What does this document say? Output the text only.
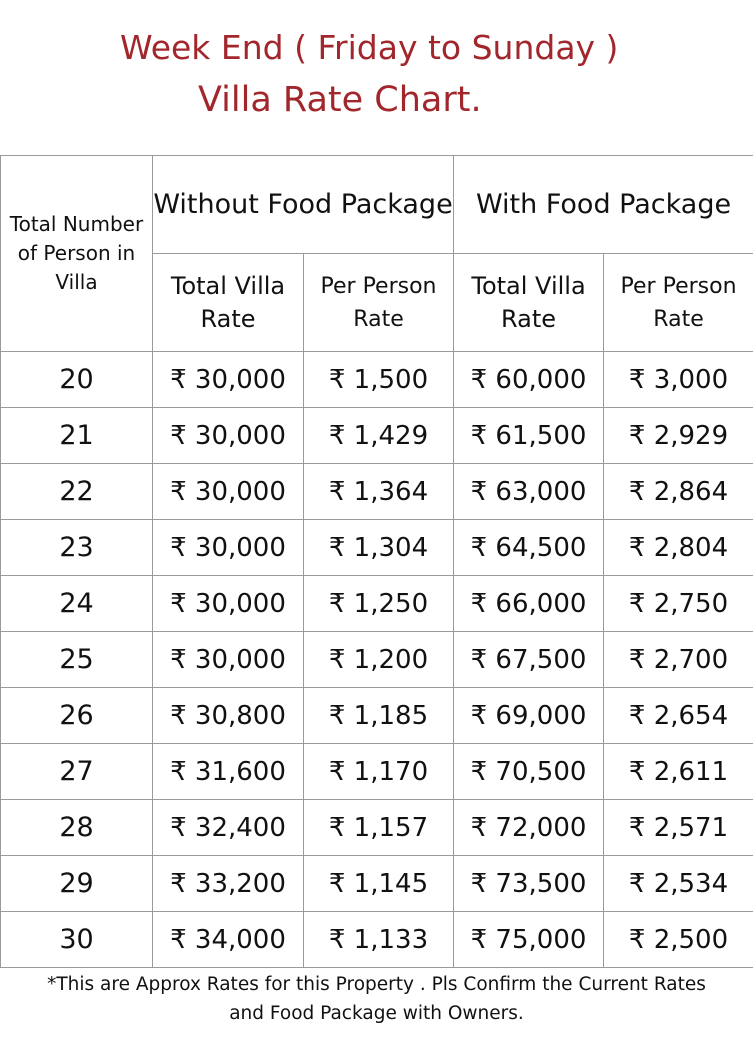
Week End ( Friday to Sunday )
Villa Rate Chart.
Total Number of Person in Villa	Without Food Package		With Food Package	
	Total Villa Rate	Per Person Rate	Total Villa Rate	Per Person Rate
20	₹ 30,000	₹ 1,500	₹ 60,000	₹ 3,000
21	₹ 30,000	₹ 1,429	₹ 61,500	₹ 2,929
22	₹ 30,000	₹ 1,364	₹ 63,000	₹ 2,864
23	₹ 30,000	₹ 1,304	₹ 64,500	₹ 2,804
24	₹ 30,000	₹ 1,250	₹ 66,000	₹ 2,750
25	₹ 30,000	₹ 1,200	₹ 67,500	₹ 2,700
26	₹ 30,800	₹ 1,185	₹ 69,000	₹ 2,654
27	₹ 31,600	₹ 1,170	₹ 70,500	₹ 2,611
28	₹ 32,400	₹ 1,157	₹ 72,000	₹ 2,571
29	₹ 33,200	₹ 1,145	₹ 73,500	₹ 2,534
30	₹ 34,000	₹ 1,133	₹ 75,000	₹ 2,500
*This are Approx Rates for this Property . Pls Confirm the Current Rates
and Food Package with Owners.
